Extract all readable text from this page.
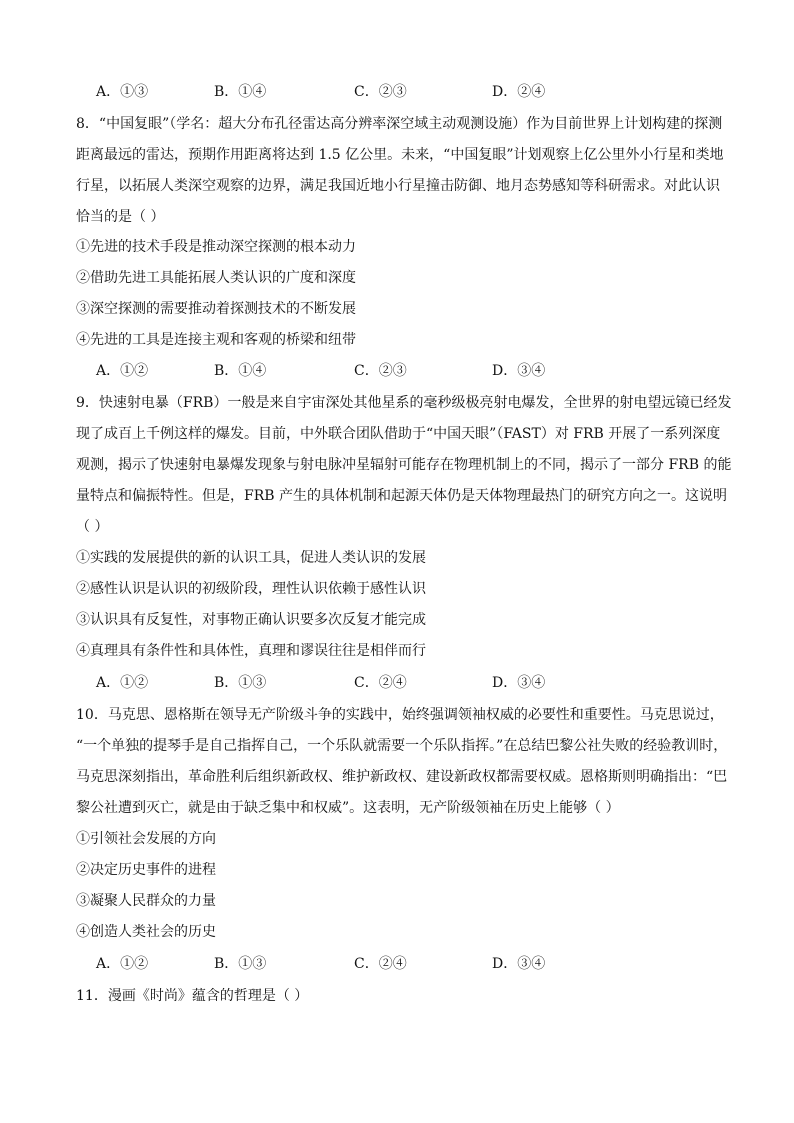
A．①③	B．①④	C．②③	D．②④
8．“中国复眼”（学名：超大分布孔径雷达高分辨率深空域主动观测设施）作为目前世界上计划构建的探测
距离最远的雷达，预期作用距离将达到 1.5 亿公里。未来，“中国复眼”计划观察上亿公里外小行星和类地
行星，以拓展人类深空观察的边界，满足我国近地小行星撞击防御、地月态势感知等科研需求。对此认识
恰当的是（ ）
①先进的技术手段是推动深空探测的根本动力
②借助先进工具能拓展人类认识的广度和深度
③深空探测的需要推动着探测技术的不断发展
④先进的工具是连接主观和客观的桥梁和纽带
A．①②	B．①④	C．②③	D．③④
9．快速射电暴（FRB）一般是来自宇宙深处其他星系的毫秒级极亮射电爆发，全世界的射电望远镜已经发
现了成百上千例这样的爆发。目前，中外联合团队借助于“中国天眼”（FAST）对 FRB 开展了一系列深度
观测，揭示了快速射电暴爆发现象与射电脉冲星辐射可能存在物理机制上的不同，揭示了一部分 FRB 的能
量特点和偏振特性。但是，FRB 产生的具体机制和起源天体仍是天体物理最热门的研究方向之一。这说明
（ ）
①实践的发展提供的新的认识工具，促进人类认识的发展
②感性认识是认识的初级阶段，理性认识依赖于感性认识
③认识具有反复性，对事物正确认识要多次反复才能完成
④真理具有条件性和具体性，真理和谬误往往是相伴而行
A．①②	B．①③	C．②④	D．③④
10．马克思、恩格斯在领导无产阶级斗争的实践中，始终强调领袖权威的必要性和重要性。马克思说过，
“一个单独的提琴手是自己指挥自己，一个乐队就需要一个乐队指挥。”在总结巴黎公社失败的经验教训时，
马克思深刻指出，革命胜利后组织新政权、维护新政权、建设新政权都需要权威。恩格斯则明确指出：“巴
黎公社遭到灭亡，就是由于缺乏集中和权威”。这表明，无产阶级领袖在历史上能够（ ）
①引领社会发展的方向
②决定历史事件的进程
③凝聚人民群众的力量
④创造人类社会的历史
A．①②	B．①③	C．②④	D．③④
11．漫画《时尚》蕴含的哲理是（ ）
